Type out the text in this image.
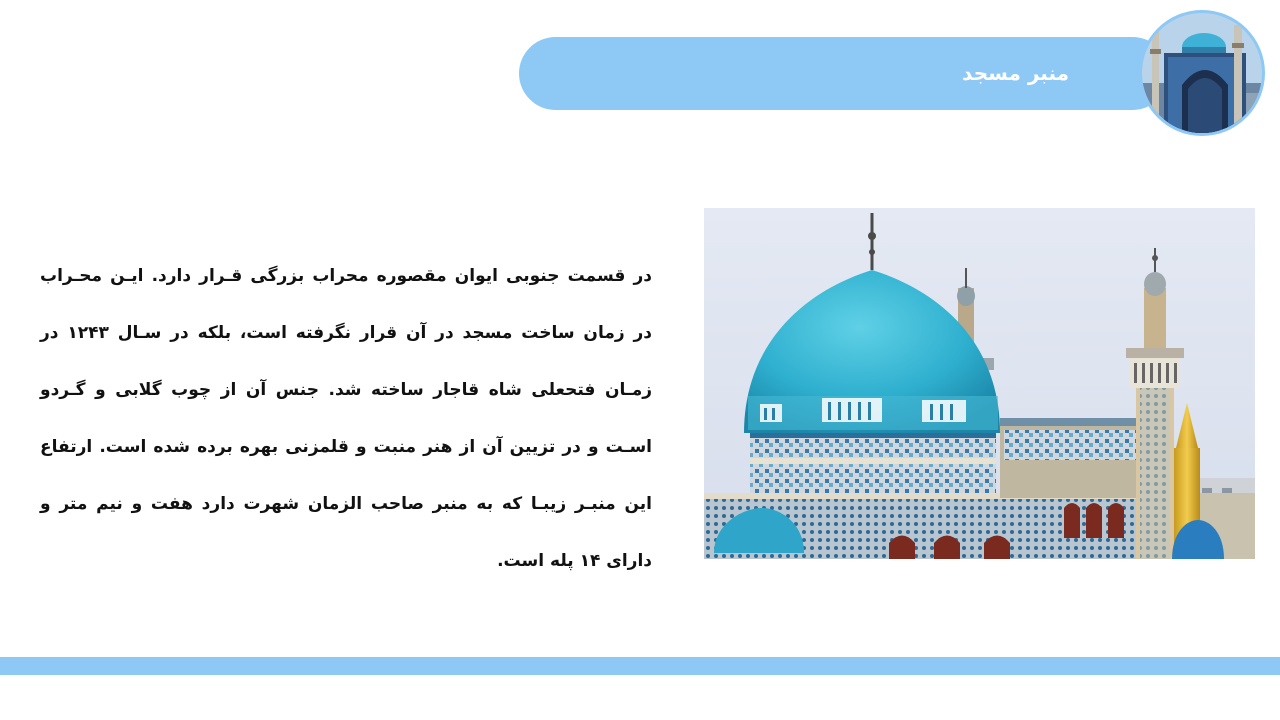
منبر مسجد
در قسمت جنوبی ایوان مقصوره محراب بزرگی قـرار دارد. ایـن محـراب در زمان ساخت مسجد در آن قرار نگرفته است، بلکه در سـال ۱۲۴۳ در زمـان فتحعلی شاه قاجار ساخته شد. جنس آن از چوب گلابی و گـردو اسـت و در تزیین آن از هنر منبت و قلمزنی بهره برده شده است. ارتفاع این منبـر زیبـا که به منبر صاحب الزمان شهرت دارد هفت و نیم متر و دارای ۱۴ پله است.
